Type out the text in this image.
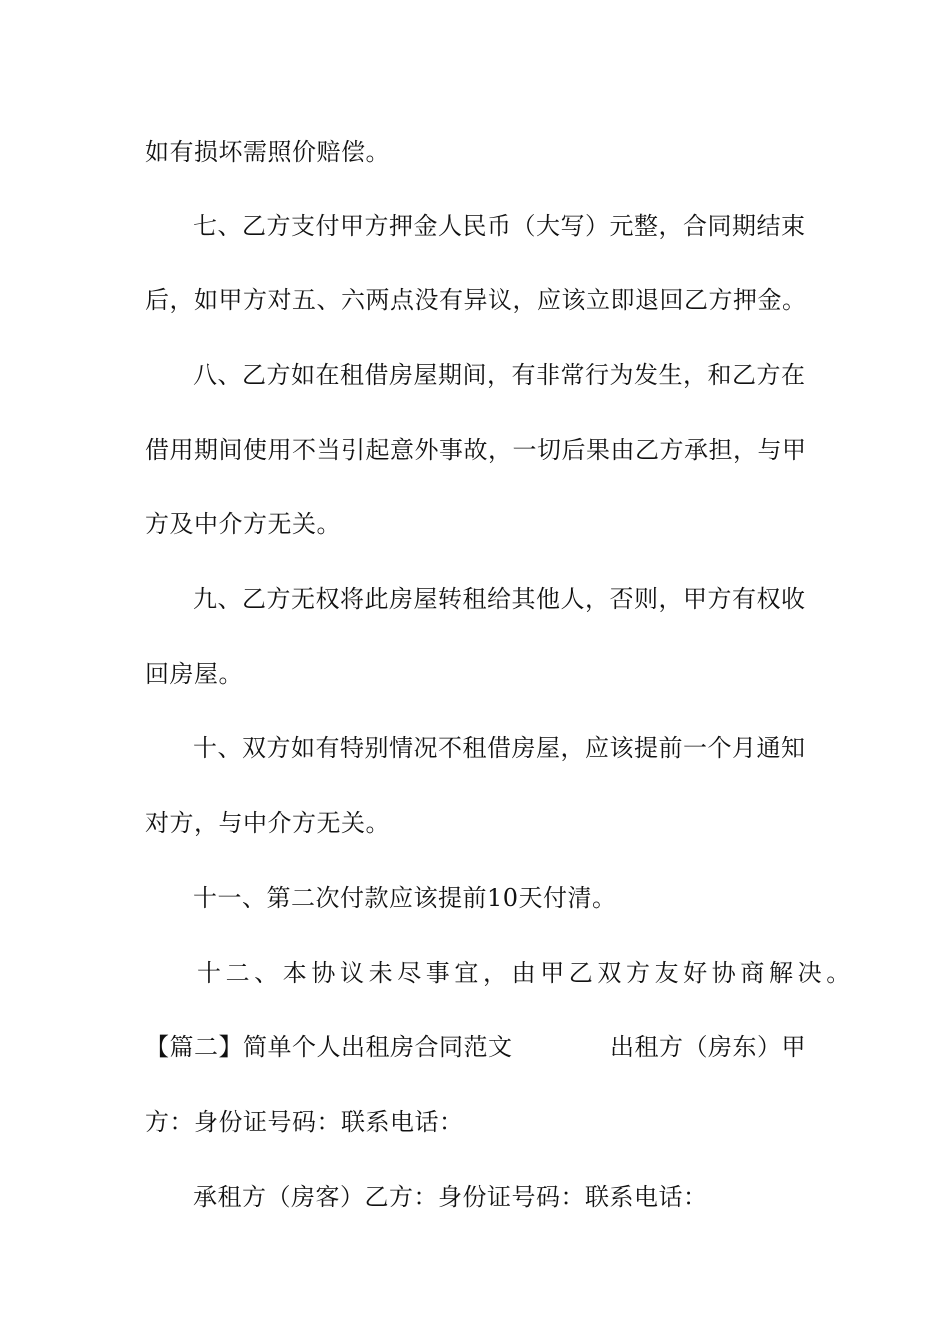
如有损坏需照价赔偿。
七、乙方支付甲方押金人民币（大写）元整，合同期结束
后，如甲方对五、六两点没有异议，应该立即退回乙方押金。
八、乙方如在租借房屋期间，有非常行为发生，和乙方在
借用期间使用不当引起意外事故，一切后果由乙方承担，与甲
方及中介方无关。
九、乙方无权将此房屋转租给其他人，否则，甲方有权收
回房屋。
十、双方如有特别情况不租借房屋，应该提前一个月通知
对方，与中介方无关。
十一、第二次付款应该提前10天付清。
十二、本协议未尽事宜，由甲乙双方友好协商解决。
【篇二】简单个人出租房合同范文	出租方（房东）甲
方：身份证号码：联系电话：
承租方（房客）乙方：身份证号码：联系电话：
